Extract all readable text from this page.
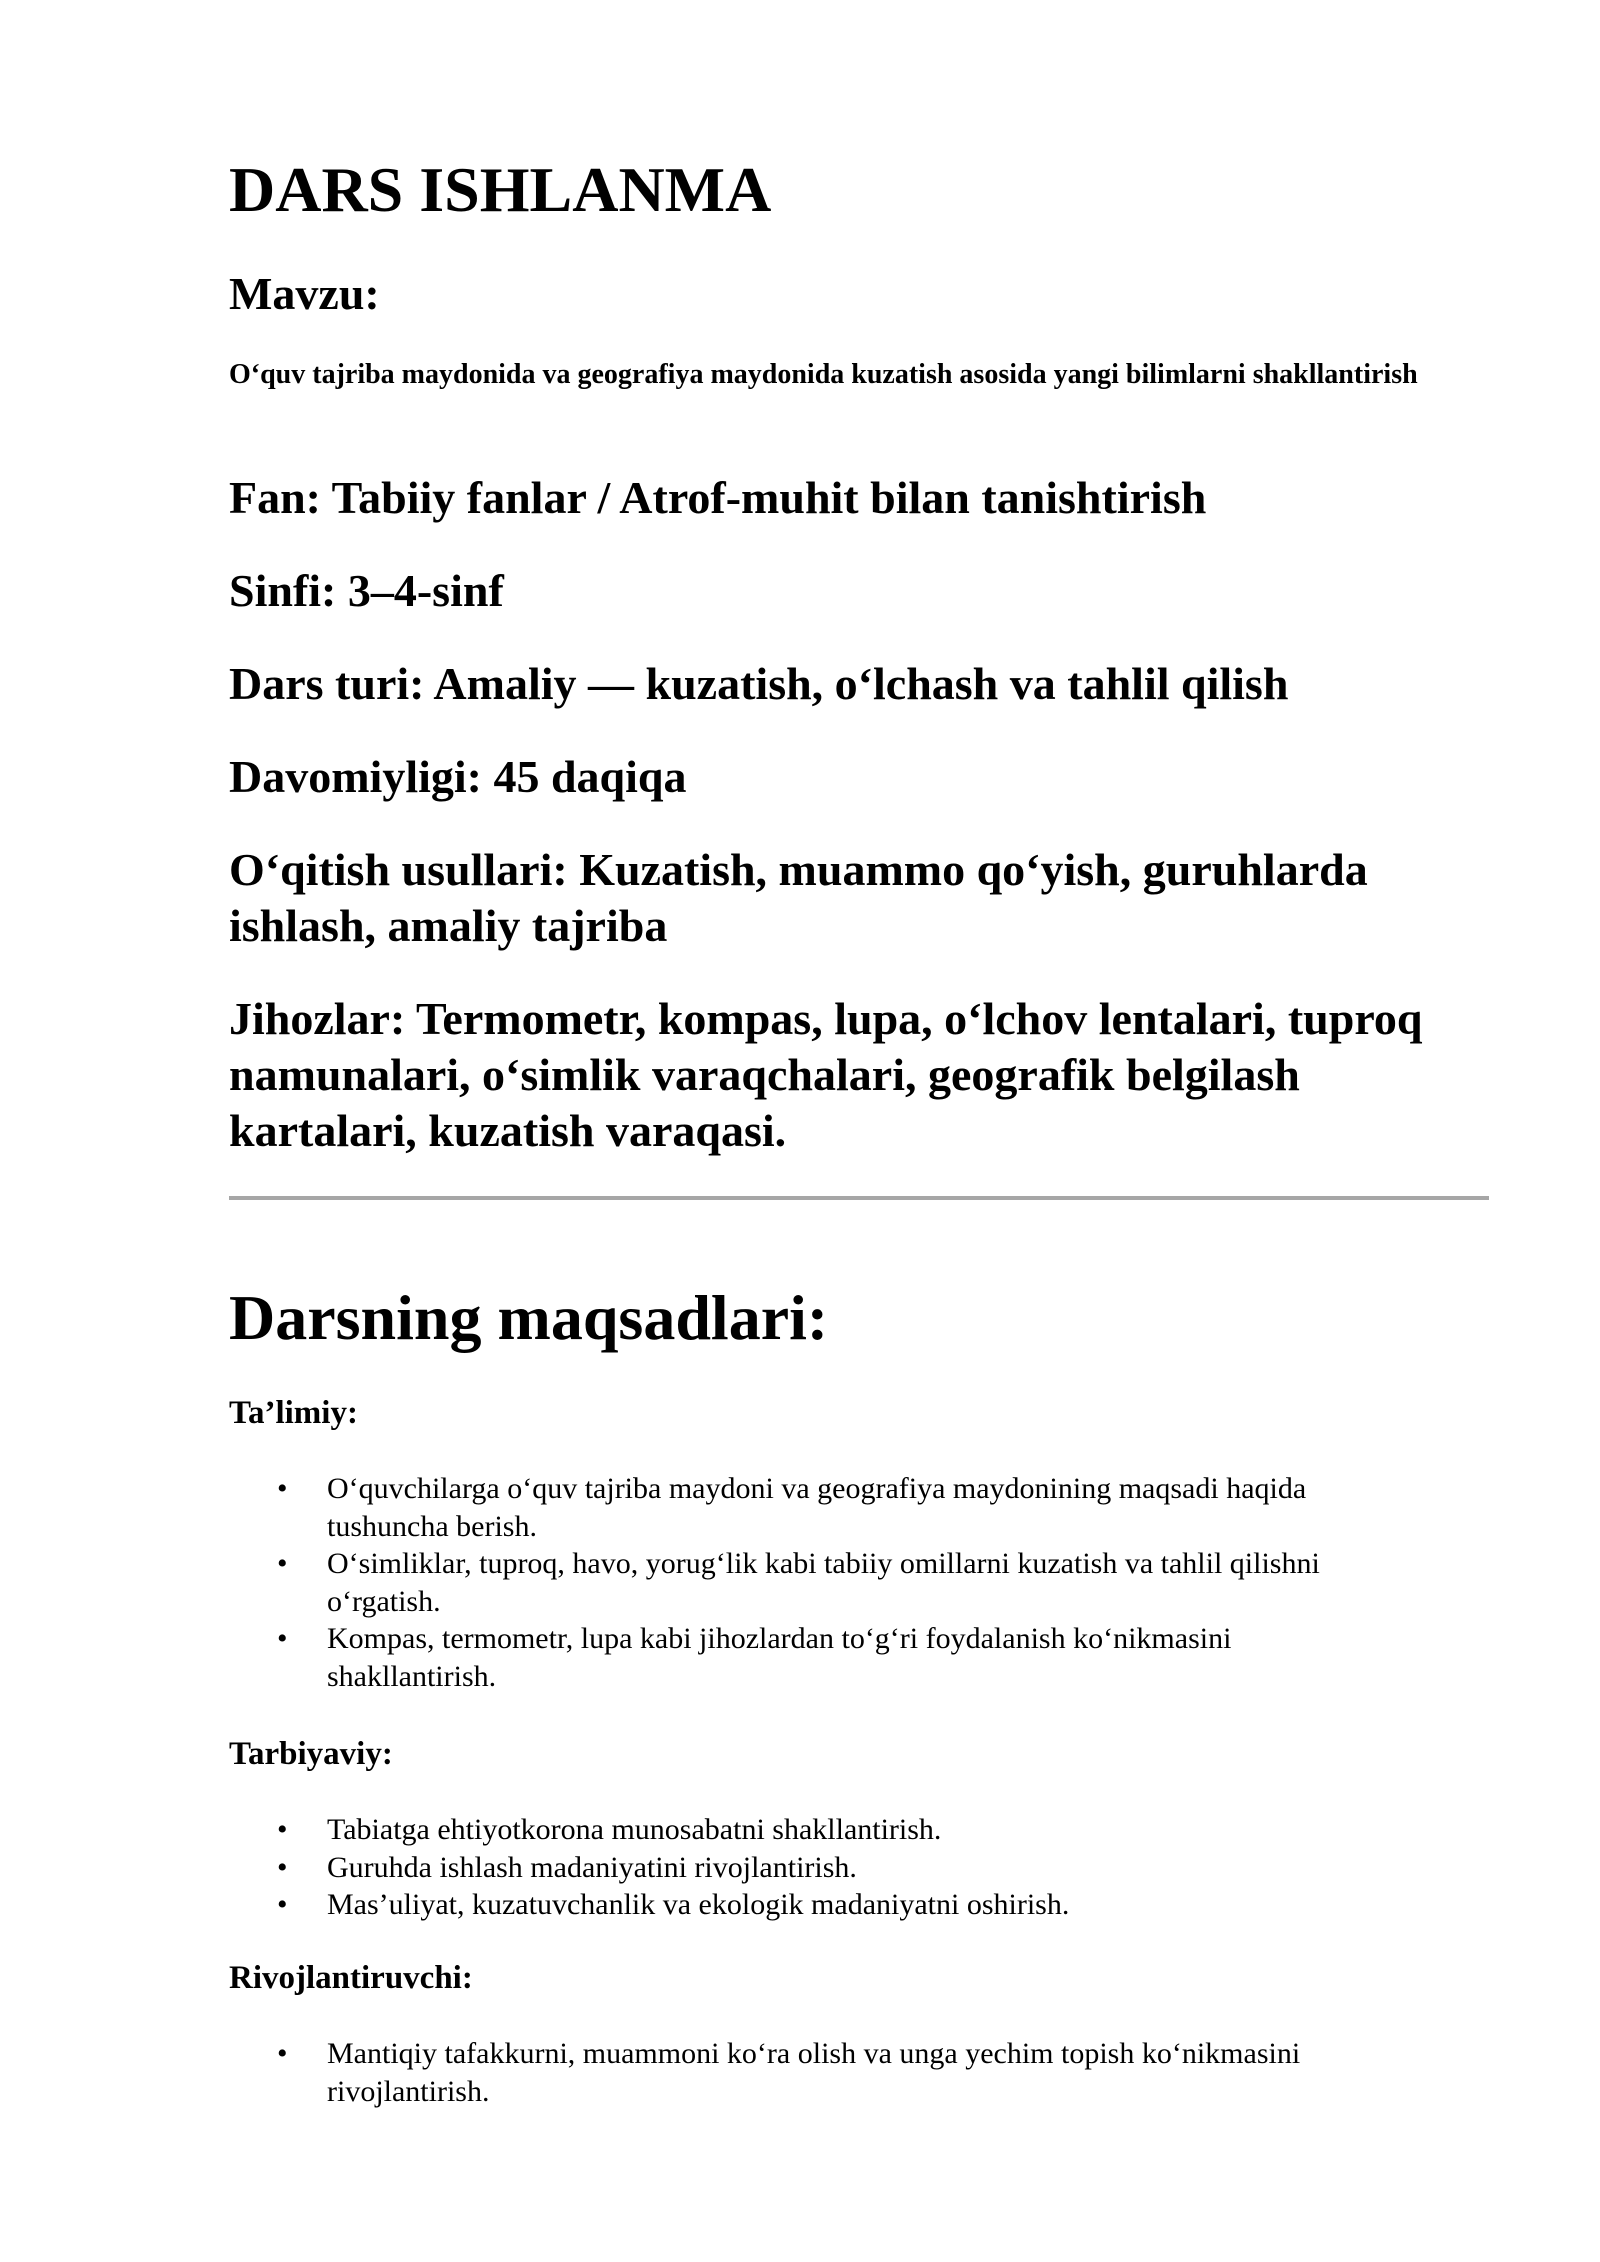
DARS ISHLANMA
Mavzu:

O‘quv tajriba maydonida va geografiya maydonida kuzatish asosida yangi bilimlarni shakllantirish

Fan: Tabiiy fanlar / Atrof-muhit bilan tanishtirish
Sinfi: 3–4-sinf
Dars turi: Amaliy — kuzatish, o‘lchash va tahlil qilish
Davomiyligi: 45 daqiqa
O‘qitish usullari: Kuzatish, muammo qo‘yish, guruhlarda ishlash, amaliy tajriba
Jihozlar: Termometr, kompas, lupa, o‘lchov lentalari, tuproq namunalari, o‘simlik varaqchalari, geografik belgilash kartalari, kuzatish varaqasi.
Darsning maqsadlari:
Ta’limiy:
• O‘quvchilarga o‘quv tajriba maydoni va geografiya maydonining maqsadi haqida tushuncha berish.
• O‘simliklar, tuproq, havo, yorug‘lik kabi tabiiy omillarni kuzatish va tahlil qilishni o‘rgatish.
• Kompas, termometr, lupa kabi jihozlardan to‘g‘ri foydalanish ko‘nikmasini shakllantirish.
Tarbiyaviy:
• Tabiatga ehtiyotkorona munosabatni shakllantirish.
• Guruhda ishlash madaniyatini rivojlantirish.
• Mas’uliyat, kuzatuvchanlik va ekologik madaniyatni oshirish.
Rivojlantiruvchi:
• Mantiqiy tafakkurni, muammoni ko‘ra olish va unga yechim topish ko‘nikmasini rivojlantirish.
